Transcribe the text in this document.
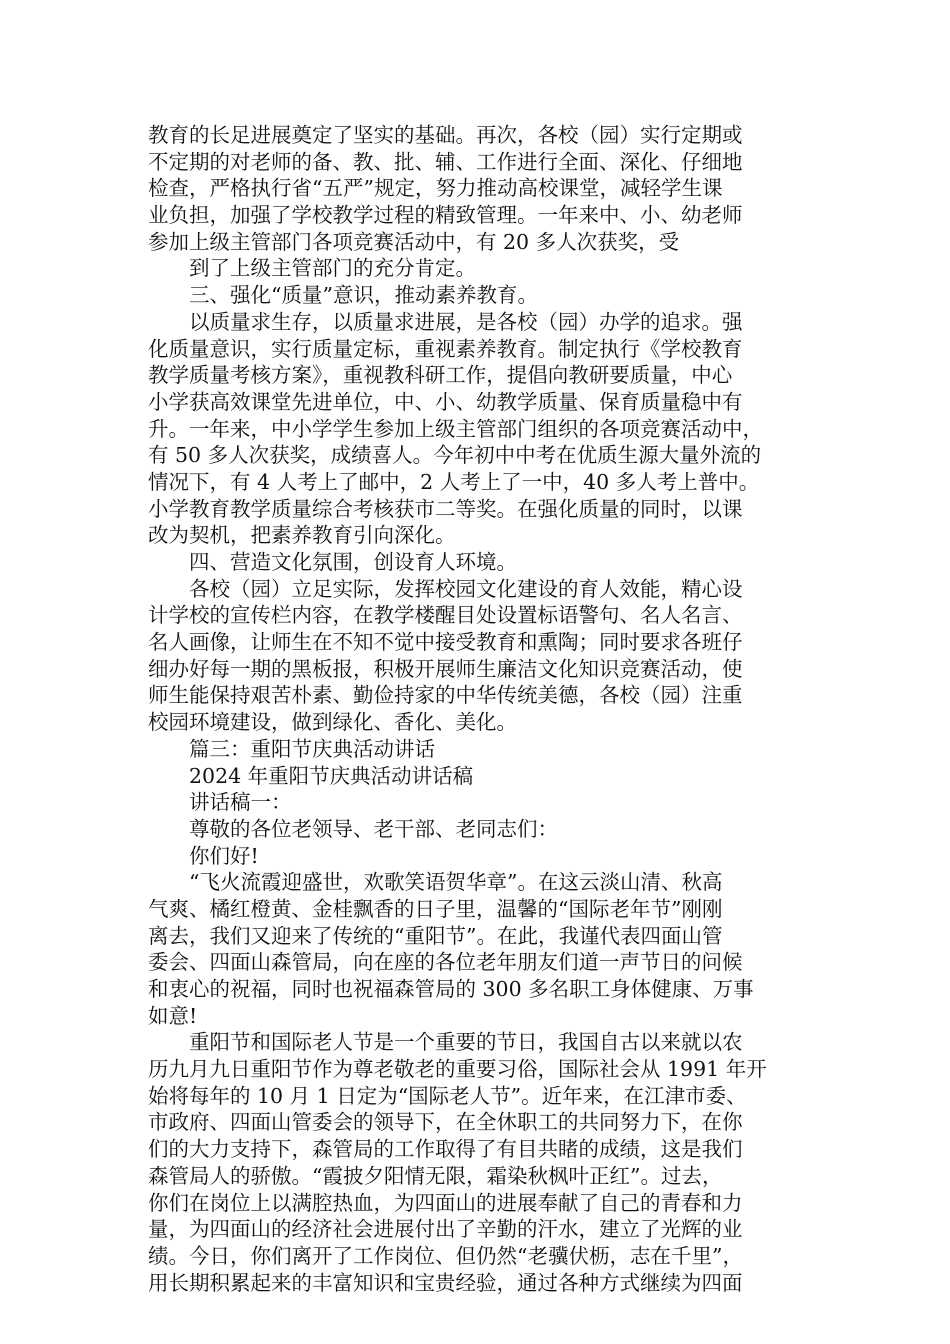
教育的长足进展奠定了坚实的基础。再次，各校（园）实行定期或
不定期的对老师的备、教、批、辅、工作进行全面、深化、仔细地
检查，严格执行省“五严”规定，努力推动高校课堂，减轻学生课
业负担，加强了学校教学过程的精致管理。一年来中、小、幼老师
参加上级主管部门各项竞赛活动中，有 20 多人次获奖，受
到了上级主管部门的充分肯定。
三、强化“质量”意识，推动素养教育。
以质量求生存，以质量求进展，是各校（园）办学的追求。强
化质量意识，实行质量定标，重视素养教育。制定执行《学校教育
教学质量考核方案》，重视教科研工作，提倡向教研要质量，中心
小学获高效课堂先进单位，中、小、幼教学质量、保育质量稳中有
升。一年来，中小学学生参加上级主管部门组织的各项竞赛活动中，
有 50 多人次获奖，成绩喜人。今年初中中考在优质生源大量外流的
情况下，有 4 人考上了邮中，2 人考上了一中，40 多人考上普中。
小学教育教学质量综合考核获市二等奖。在强化质量的同时，以课
改为契机，把素养教育引向深化。
四、营造文化氛围，创设育人环境。
各校（园）立足实际，发挥校园文化建设的育人效能，精心设
计学校的宣传栏内容，在教学楼醒目处设置标语警句、名人名言、
名人画像，让师生在不知不觉中接受教育和熏陶；同时要求各班仔
细办好每一期的黑板报，积极开展师生廉洁文化知识竞赛活动，使
师生能保持艰苦朴素、勤俭持家的中华传统美德，各校（园）注重
校园环境建设，做到绿化、香化、美化。
篇三：重阳节庆典活动讲话
2024 年重阳节庆典活动讲话稿
讲话稿一：
尊敬的各位老领导、老干部、老同志们：
你们好!
“飞火流霞迎盛世，欢歌笑语贺华章”。在这云淡山清、秋高
气爽、橘红橙黄、金桂飘香的日子里，温馨的“国际老年节”刚刚
离去，我们又迎来了传统的“重阳节”。在此，我谨代表四面山管
委会、四面山森管局，向在座的各位老年朋友们道一声节日的问候
和衷心的祝福，同时也祝福森管局的 300 多名职工身体健康、万事
如意!
重阳节和国际老人节是一个重要的节日，我国自古以来就以农
历九月九日重阳节作为尊老敬老的重要习俗，国际社会从 1991 年开
始将每年的 10 月 1 日定为“国际老人节”。近年来，在江津市委、
市政府、四面山管委会的领导下，在全休职工的共同努力下，在你
们的大力支持下，森管局的工作取得了有目共睹的成绩，这是我们
森管局人的骄傲。“霞披夕阳情无限，霜染秋枫叶正红”。过去，
你们在岗位上以满腔热血，为四面山的进展奉献了自己的青春和力
量，为四面山的经济社会进展付出了辛勤的汗水，建立了光辉的业
绩。今日，你们离开了工作岗位、但仍然“老骥伏枥，志在千里”，
用长期积累起来的丰富知识和宝贵经验，通过各种方式继续为四面
